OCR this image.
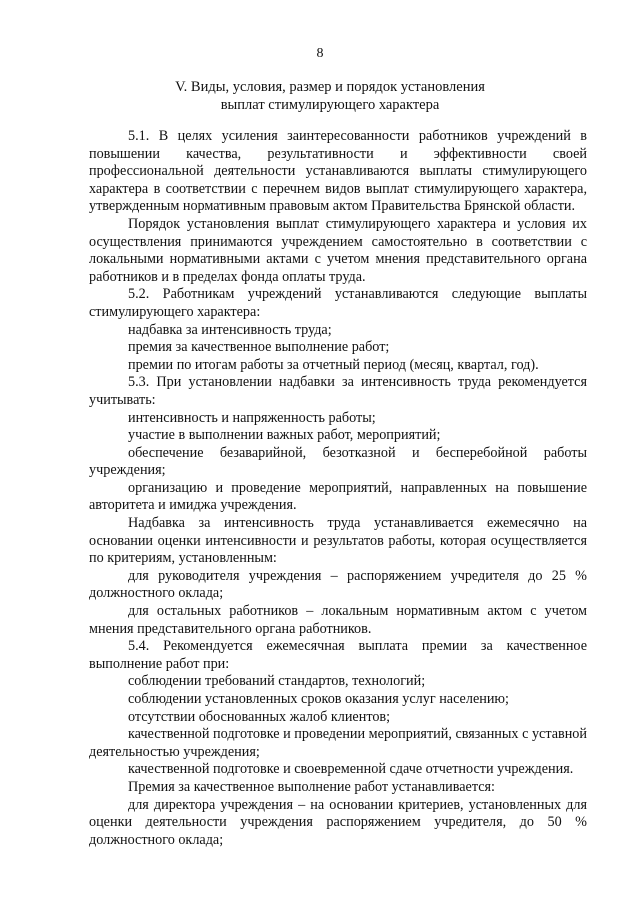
8
V. Виды, условия, размер и порядок установления
выплат стимулирующего характера

5.1. В целях усиления заинтересованности работников учреждений в повышении качества, результативности и эффективности своей профессиональной деятельности устанавливаются выплаты стимулирующего характера в соответствии с перечнем видов выплат стимулирующего характера, утвержденным нормативным правовым актом Правительства Брянской области.

Порядок установления выплат стимулирующего характера и условия их осуществления принимаются учреждением самостоятельно в соответствии с локальными нормативными актами с учетом мнения представительного органа работников и в пределах фонда оплаты труда.

5.2. Работникам учреждений устанавливаются следующие выплаты стимулирующего характера:

надбавка за интенсивность труда;

премия за качественное выполнение работ;

премии по итогам работы за отчетный период (месяц, квартал, год).

5.3. При установлении надбавки за интенсивность труда рекомендуется учитывать:

интенсивность и напряженность работы;

участие в выполнении важных работ, мероприятий;

обеспечение безаварийной, безотказной и бесперебойной работы учреждения;

организацию и проведение мероприятий, направленных на повышение авторитета и имиджа учреждения.

Надбавка за интенсивность труда устанавливается ежемесячно на основании оценки интенсивности и результатов работы, которая осуществляется по критериям, установленным:

для руководителя учреждения – распоряжением учредителя до 25 % должностного оклада;

для остальных работников – локальным нормативным актом с учетом мнения представительного органа работников.

5.4. Рекомендуется ежемесячная выплата премии за качественное выполнение работ при:

соблюдении требований стандартов, технологий;

соблюдении установленных сроков оказания услуг населению;

отсутствии обоснованных жалоб клиентов;

качественной подготовке и проведении мероприятий, связанных с уставной деятельностью учреждения;

качественной подготовке и своевременной сдаче отчетности учреждения.

Премия за качественное выполнение работ устанавливается:

для директора учреждения – на основании критериев, установленных для оценки деятельности учреждения распоряжением учредителя, до 50 % должностного оклада;
